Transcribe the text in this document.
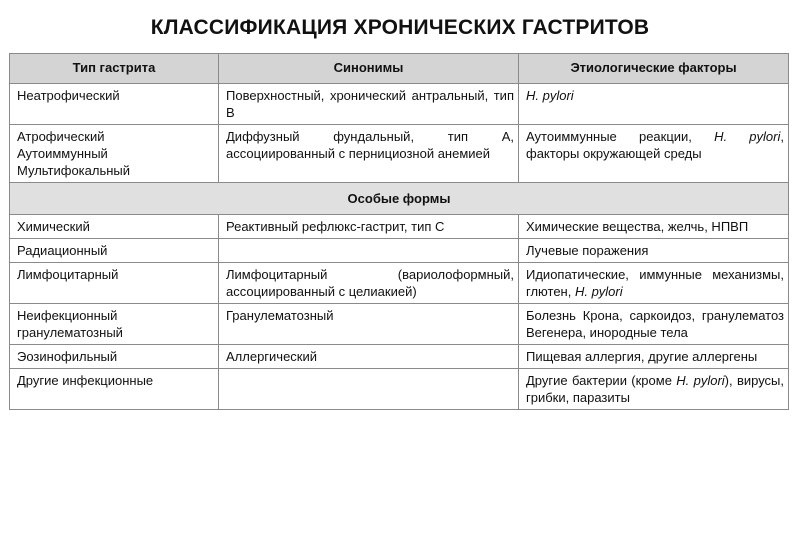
КЛАССИФИКАЦИЯ ХРОНИЧЕСКИХ ГАСТРИТОВ
Тип гастрита	Синонимы	Этиологические факторы

Неатрофический	Поверхностный, хронический антральный, тип В	H. pylori

Атрофический
Аутоиммунный
Мультифокальный	Диффузный фундальный, тип А, ассоциированный с пернициозной анемией	Аутоиммунные реакции, H. pylori, факторы окружающей среды
Особые формы		

Химический	Реактивный рефлюкс-гастрит, тип С	Химические вещества, желчь, НПВП

Радиационный		Лучевые поражения

Лимфоцитарный	Лимфоцитарный (вариолоформный, ассоциированный с целиакией)	Идиопатические, иммунные механизмы, глютен, H. pylori

Неифекционный
гранулематозный	Гранулематозный	Болезнь Крона, саркоидоз, гранулематоз Вегенера, инородные тела

Эозинофильный	Аллергический	Пищевая аллергия, другие аллергены

Другие инфекционные		Другие бактерии (кроме H. pylori), вирусы, грибки, паразиты
